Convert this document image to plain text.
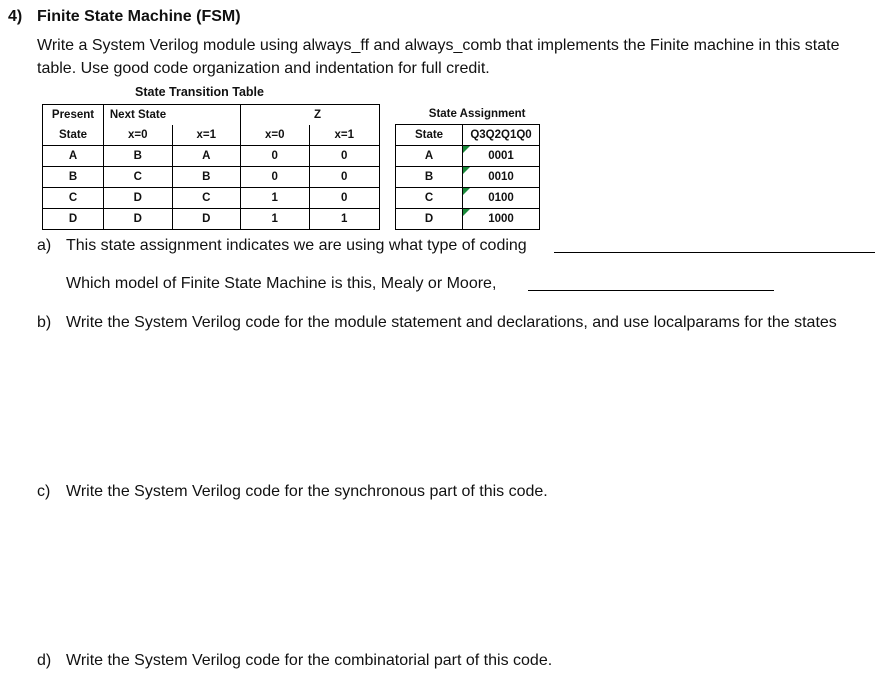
4) Finite State Machine (FSM)
Write a System Verilog module using always_ff and always_comb that implements the Finite machine in this state table. Use good code organization and indentation for full credit.
State Transition Table
Present	Next State		Z	
State	x=0	x=1	x=0	x=1
A	B	A	0	0
B	C	B	0	0
C	D	C	1	0
D	D	D	1	1
State Assignment	
State	Q3Q2Q1Q0
A	0001
B	0010
C	0100
D	1000
a) This state assignment indicates we are using what type of coding
Which model of Finite State Machine is this, Mealy or Moore,
b) Write the System Verilog code for the module statement and declarations, and use localparams for the states
c) Write the System Verilog code for the synchronous part of this code.
d) Write the System Verilog code for the combinatorial part of this code.
